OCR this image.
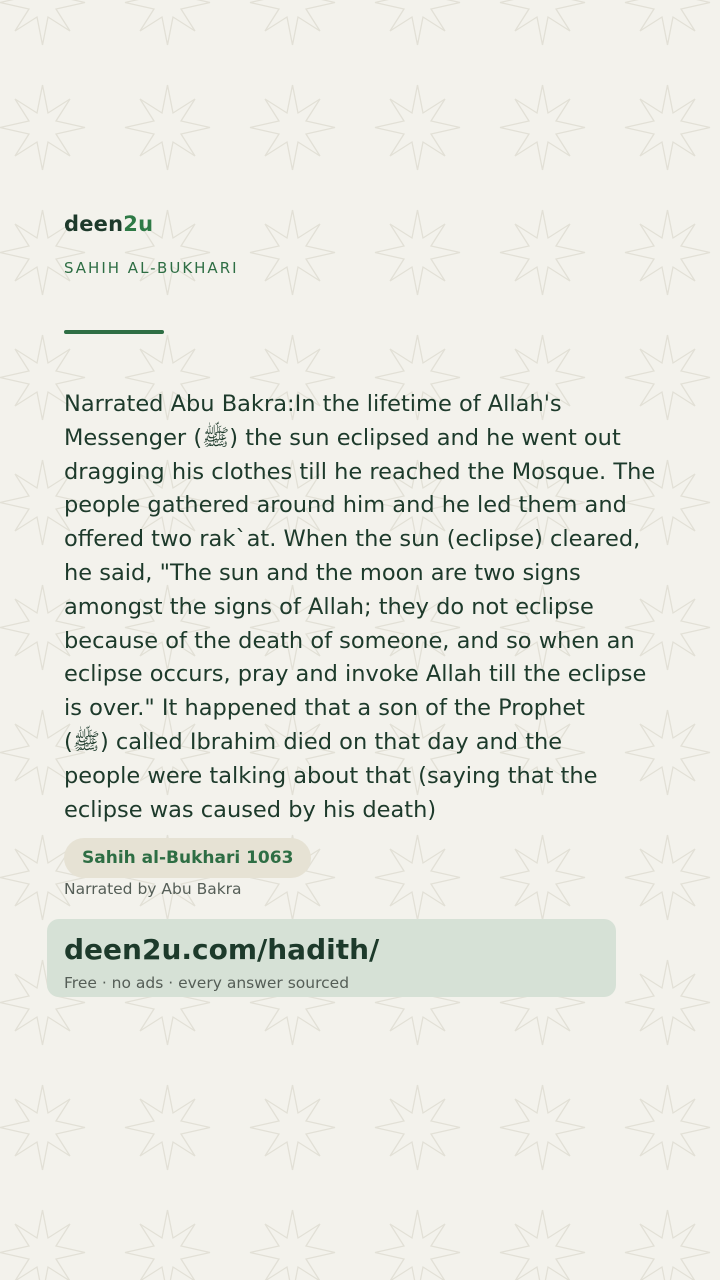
deen2u
SAHIH AL-BUKHARI
Narrated Abu Bakra:In the lifetime of Allah's
Messenger (ﷺ) the sun eclipsed and he went out
dragging his clothes till he reached the Mosque. The
people gathered around him and he led them and
offered two rak`at. When the sun (eclipse) cleared,
he said, "The sun and the moon are two signs
amongst the signs of Allah; they do not eclipse
because of the death of someone, and so when an
eclipse occurs, pray and invoke Allah till the eclipse
is over." It happened that a son of the Prophet
(ﷺ) called Ibrahim died on that day and the
people were talking about that (saying that the
eclipse was caused by his death)
Sahih al-Bukhari 1063
Narrated by Abu Bakra
deen2u.com/hadith/
Free · no ads · every answer sourced
